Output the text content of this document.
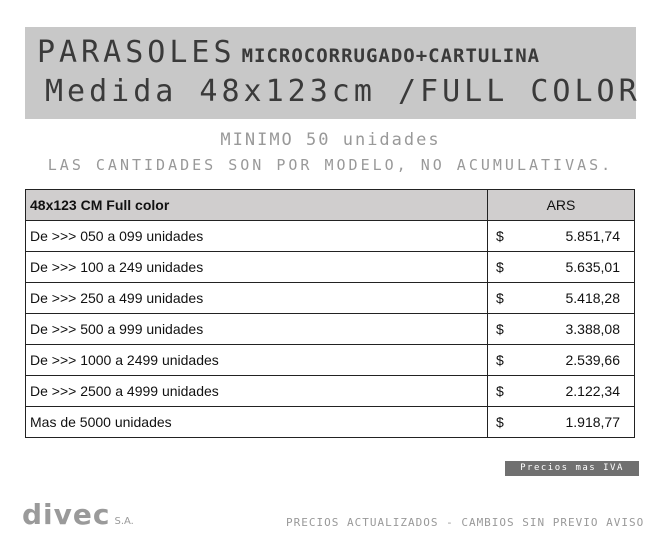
PARASOLES MICROCORRUGADO+CARTULINA
Medida 48x123cm /FULL COLOR
MINIMO 50 unidades
LAS CANTIDADES SON POR MODELO, NO ACUMULATIVAS.
48x123 CM Full color	ARS
De >>> 050 a 099 unidades	$ 5.851,74

De >>> 100 a 249 unidades	$ 5.635,01

De >>> 250 a 499 unidades	$ 5.418,28

De >>> 500 a 999 unidades	$ 3.388,08

De >>> 1000 a 2499 unidades	$ 2.539,66

De >>> 2500 a 4999 unidades	$ 2.122,34

Mas de 5000 unidades	$ 1.918,77
Precios mas IVA
divec S.A.	PRECIOS ACTUALIZADOS - CAMBIOS SIN PREVIO AVISO
